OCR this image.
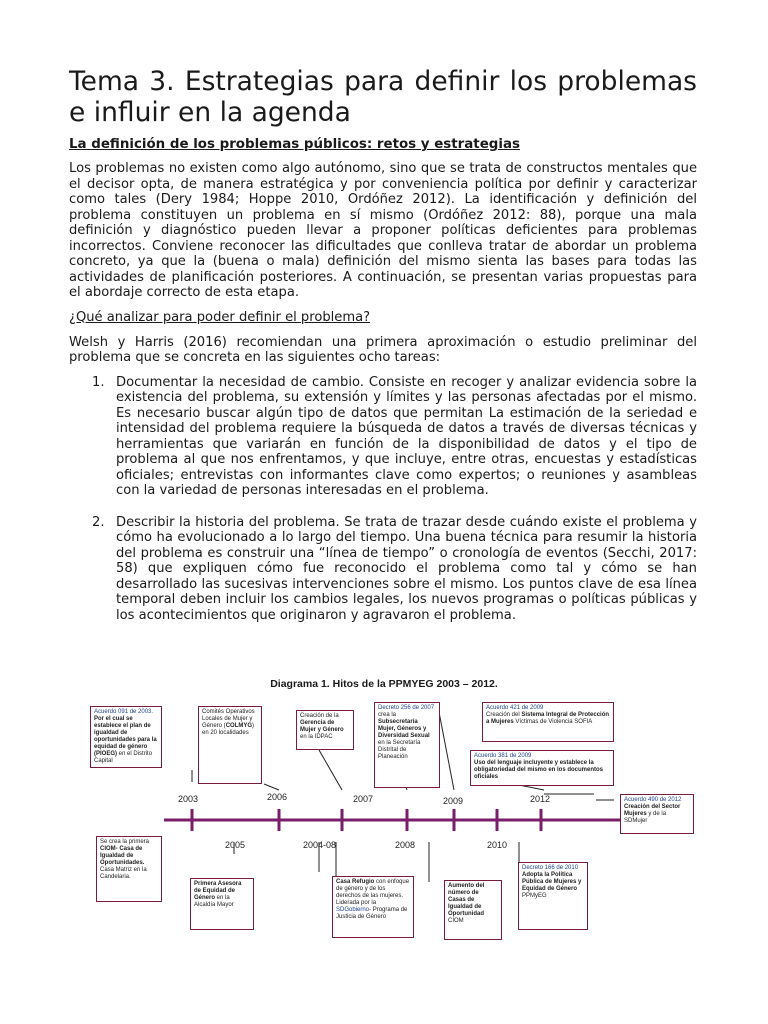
Tema 3. Estrategias para definir los problemas e influir en la agenda
La definición de los problemas públicos: retos y estrategias

Los problemas no existen como algo autónomo, sino que se trata de constructos mentales que el decisor opta, de manera estratégica y por conveniencia política por definir y caracterizar como tales (Dery 1984; Hoppe 2010, Ordóñez 2012). La identificación y definición del problema constituyen un problema en sí mismo (Ordóñez 2012: 88), porque una mala definición y diagnóstico pueden llevar a proponer políticas deficientes para problemas incorrectos. Conviene reconocer las dificultades que conlleva tratar de abordar un problema concreto, ya que la (buena o mala) definición del mismo sienta las bases para todas las actividades de planificación posteriores. A continuación, se presentan varias propuestas para el abordaje correcto de esta etapa.

¿Qué analizar para poder definir el problema?

Welsh y Harris (2016) recomiendan una primera aproximación o estudio preliminar del problema que se concreta en las siguientes ocho tareas:

1. Documentar la necesidad de cambio. Consiste en recoger y analizar evidencia sobre la existencia del problema, su extensión y límites y las personas afectadas por el mismo. Es necesario buscar algún tipo de datos que permitan La estimación de la seriedad e intensidad del problema requiere la búsqueda de datos a través de diversas técnicas y herramientas que variarán en función de la disponibilidad de datos y el tipo de problema al que nos enfrentamos, y que incluye, entre otras, encuestas y estadísticas oficiales; entrevistas con informantes clave como expertos; o reuniones y asambleas con la variedad de personas interesadas en el problema.
2. Describir la historia del problema. Se trata de trazar desde cuándo existe el problema y cómo ha evolucionado a lo largo del tiempo. Una buena técnica para resumir la historia del problema es construir una “línea de tiempo” o cronología de eventos (Secchi, 2017: 58) que expliquen cómo fue reconocido el problema como tal y cómo se han desarrollado las sucesivas intervenciones sobre el mismo. Los puntos clave de esa línea temporal deben incluir los cambios legales, los nuevos programas o políticas públicas y los acontecimientos que originaron y agravaron el problema.
Diagrama 1. Hitos de la PPMYEG 2003 – 2012.
2003	2006	2007	2009	2012
2005	2004-08	2008	2010
Acuerdo 091 de 2003. Por el cual se establece el plan de igualdad de oportunidades para la equidad de género (PIOEG) en el Distrito Capital
Comités Operativos Locales de Mujer y Género (COLMYG) en 20 localidades
Creación de la Gerencia de Mujer y Género en la IDPAC
Decreto 256 de 2007 crea la Subsecretaría Mujer, Géneros y Diversidad Sexual en la Secretaría Distrital de Planeación
Acuerdo 421 de 2009
Creación del Sistema Integral de Protección a Mujeres Víctimas de Violencia SOFIA
Acuerdo 381 de 2009
Uso del lenguaje incluyente y establece la obligatoriedad del mismo en los documentos oficiales
Acuerdo 490 de 2012
Creación del Sector Mujeres y de la SDMujer
Se crea la primera CIOM- Casa de Igualdad de Oportunidades. Casa Matriz en la Candelaria.
Primera Asesora de Equidad de Género en la Alcaldía Mayor
Casa Refugio con enfoque de género y de los derechos de las mujeres. Liderada por la SDGobierno- Programa de Justicia de Género
Aumento del número de Casas de Igualdad de Oportunidad CIOM
Decreto 166 de 2010
Adopta la Política Pública de Mujeres y Equidad de Género PPMyEG
